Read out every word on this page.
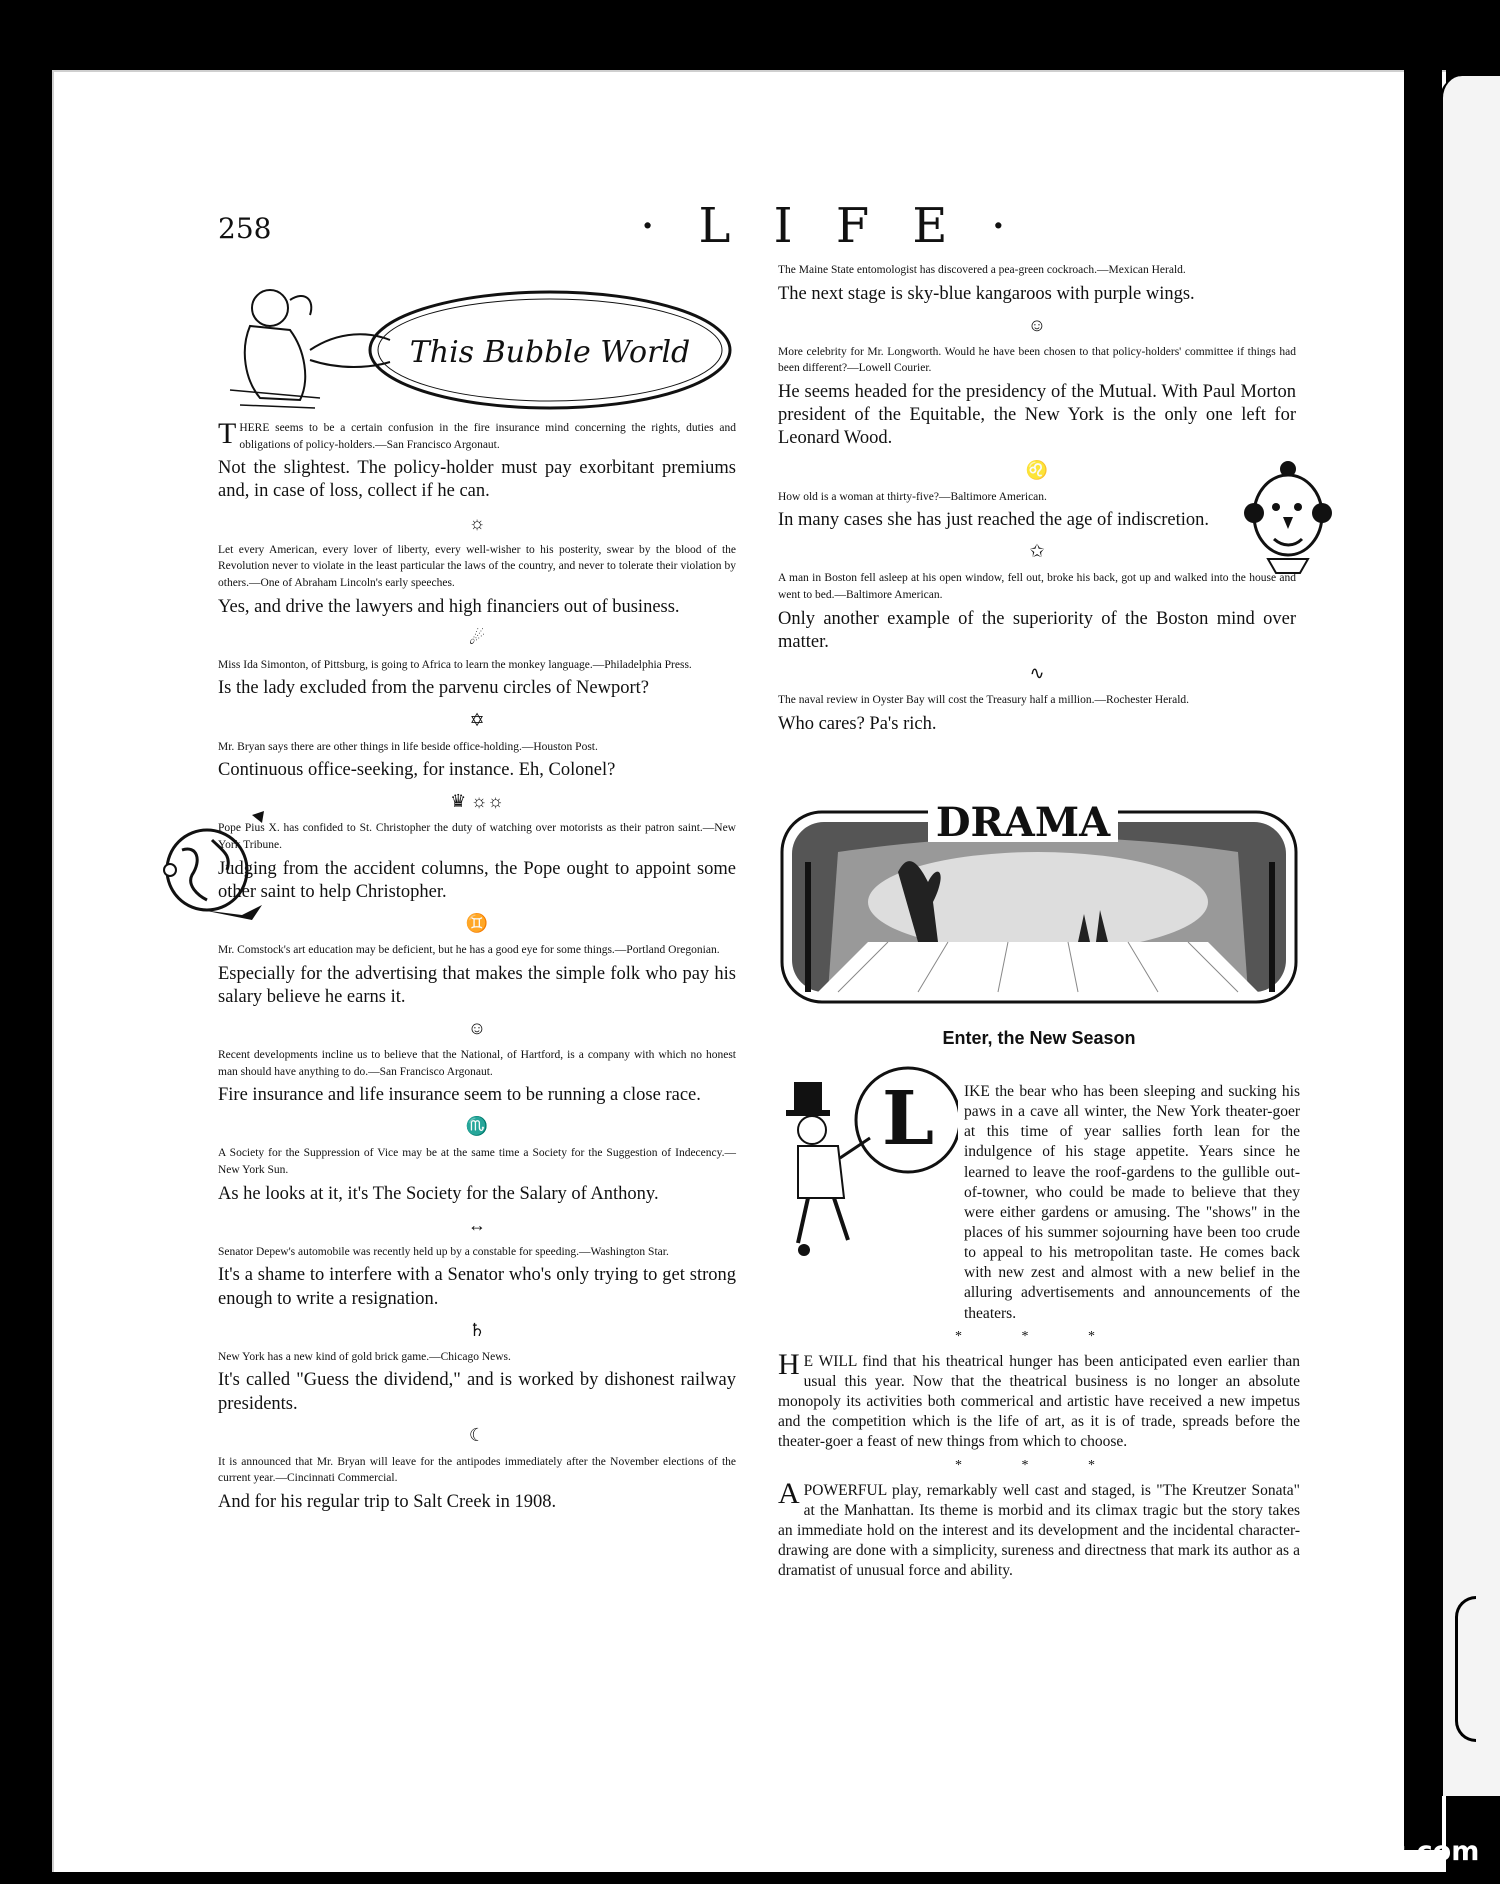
258	· L I F E ·
This Bubble World
DRAMA
L

THERE seems to be a certain confusion in the fire insurance mind concerning the rights, duties and obligations of policy-holders.—San Francisco Argonaut.

Not the slightest. The policy-holder must pay exorbitant premiums and, in case of loss, collect if he can.

☼

Let every American, every lover of liberty, every well-wisher to his posterity, swear by the blood of the Revolution never to violate in the least particular the laws of the country, and never to tolerate their violation by others.—One of Abraham Lincoln's early speeches.

Yes, and drive the lawyers and high financiers out of business.

☄

Miss Ida Simonton, of Pittsburg, is going to Africa to learn the monkey language.—Philadelphia Press.

Is the lady excluded from the parvenu circles of Newport?

✡

Mr. Bryan says there are other things in life beside office-holding.—Houston Post.

Continuous office-seeking, for instance. Eh, Colonel?

♛ ☼☼

Pope Pius X. has confided to St. Christopher the duty of watching over motorists as their patron saint.—New York Tribune.

Judging from the accident columns, the Pope ought to appoint some other saint to help Christopher.

♊

Mr. Comstock's art education may be deficient, but he has a good eye for some things.—Portland Oregonian.

Especially for the advertising that makes the simple folk who pay his salary believe he earns it.

☺

Recent developments incline us to believe that the National, of Hartford, is a company with which no honest man should have anything to do.—San Francisco Argonaut.

Fire insurance and life insurance seem to be running a close race.

♏

A Society for the Suppression of Vice may be at the same time a Society for the Suggestion of Indecency.—New York Sun.

As he looks at it, it's The Society for the Salary of Anthony.

↔

Senator Depew's automobile was recently held up by a constable for speeding.—Washington Star.

It's a shame to interfere with a Senator who's only trying to get strong enough to write a resignation.

♄

New York has a new kind of gold brick game.—Chicago News.

It's called "Guess the dividend," and is worked by dishonest railway presidents.

☾

It is announced that Mr. Bryan will leave for the antipodes immediately after the November elections of the current year.—Cincinnati Commercial.

And for his regular trip to Salt Creek in 1908.

The Maine State entomologist has discovered a pea-green cockroach.—Mexican Herald.

The next stage is sky-blue kangaroos with purple wings.

☺

More celebrity for Mr. Longworth. Would he have been chosen to that policy-holders' committee if things had been different?—Lowell Courier.

He seems headed for the presidency of the Mutual. With Paul Morton president of the Equitable, the New York is the only one left for Leonard Wood.

♌

How old is a woman at thirty-five?—Baltimore American.

In many cases she has just reached the age of indiscretion.

✩

A man in Boston fell asleep at his open window, fell out, broke his back, got up and walked into the house and went to bed.—Baltimore American.

Only another example of the superiority of the Boston mind over matter.

∿

The naval review in Oyster Bay will cost the Treasury half a million.—Rochester Herald.

Who cares? Pa's rich.

Enter, the New Season

IKE the bear who has been sleeping and sucking his paws in a cave all winter, the New York theater-goer at this time of year sallies forth lean for the indulgence of his stage appetite. Years since he learned to leave the roof-gardens to the gullible out-of-towner, who could be made to believe that they were either gardens or amusing. The "shows" in the places of his summer sojourning have been too crude to appeal to his metropolitan taste. He comes back with new zest and almost with a new belief in the alluring advertisements and announcements of the theaters.

* * *

H E WILL find that his theatrical hunger has been anticipated even earlier than usual this year. Now that the theatrical business is no longer an absolute monopoly its activities both commerical and artistic have received a new impetus and the competition which is the life of art, as it is of trade, spreads before the theater-goer a feast of new things from which to choose.

* * *

APOWERFUL play, remarkably well cast and staged, is "The Kreutzer Sonata" at the Manhattan. Its theme is morbid and its climax tragic but the story takes an immediate hold on the interest and its development and the incidental character-drawing are done with a simplicity, sureness and directness that mark its author as a dramatist of unusual force and ability.

comicbooks.com
